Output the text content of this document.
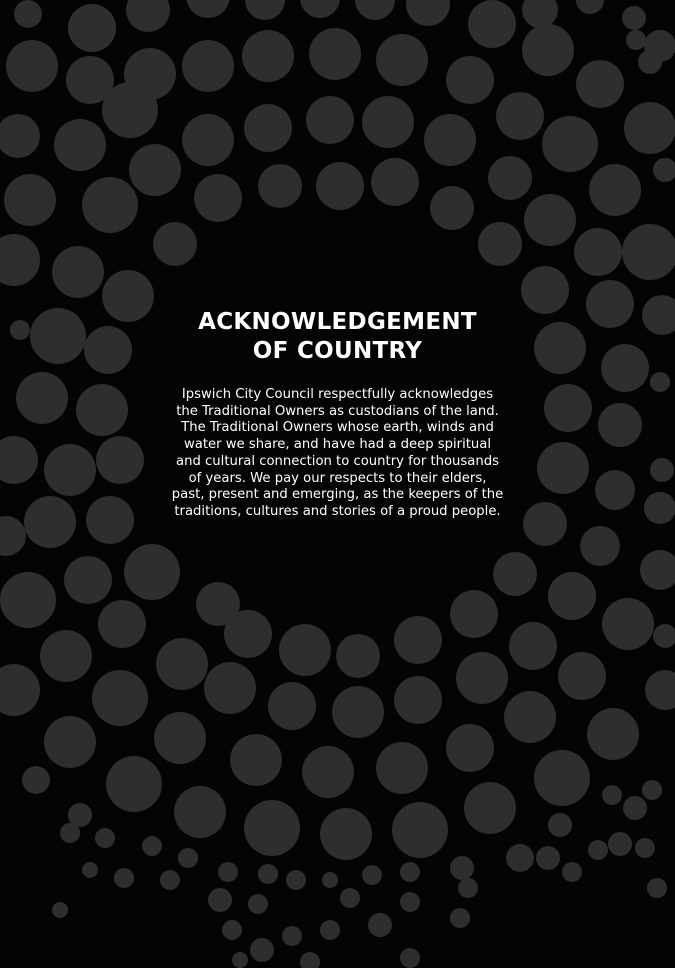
ACKNOWLEDGEMENT
OF COUNTRY

Ipswich City Council respectfully acknowledges
the Traditional Owners as custodians of the land.
The Traditional Owners whose earth, winds and
water we share, and have had a deep spiritual
and cultural connection to country for thousands
of years. We pay our respects to their elders,
past, present and emerging, as the keepers of the
traditions, cultures and stories of a proud people.
